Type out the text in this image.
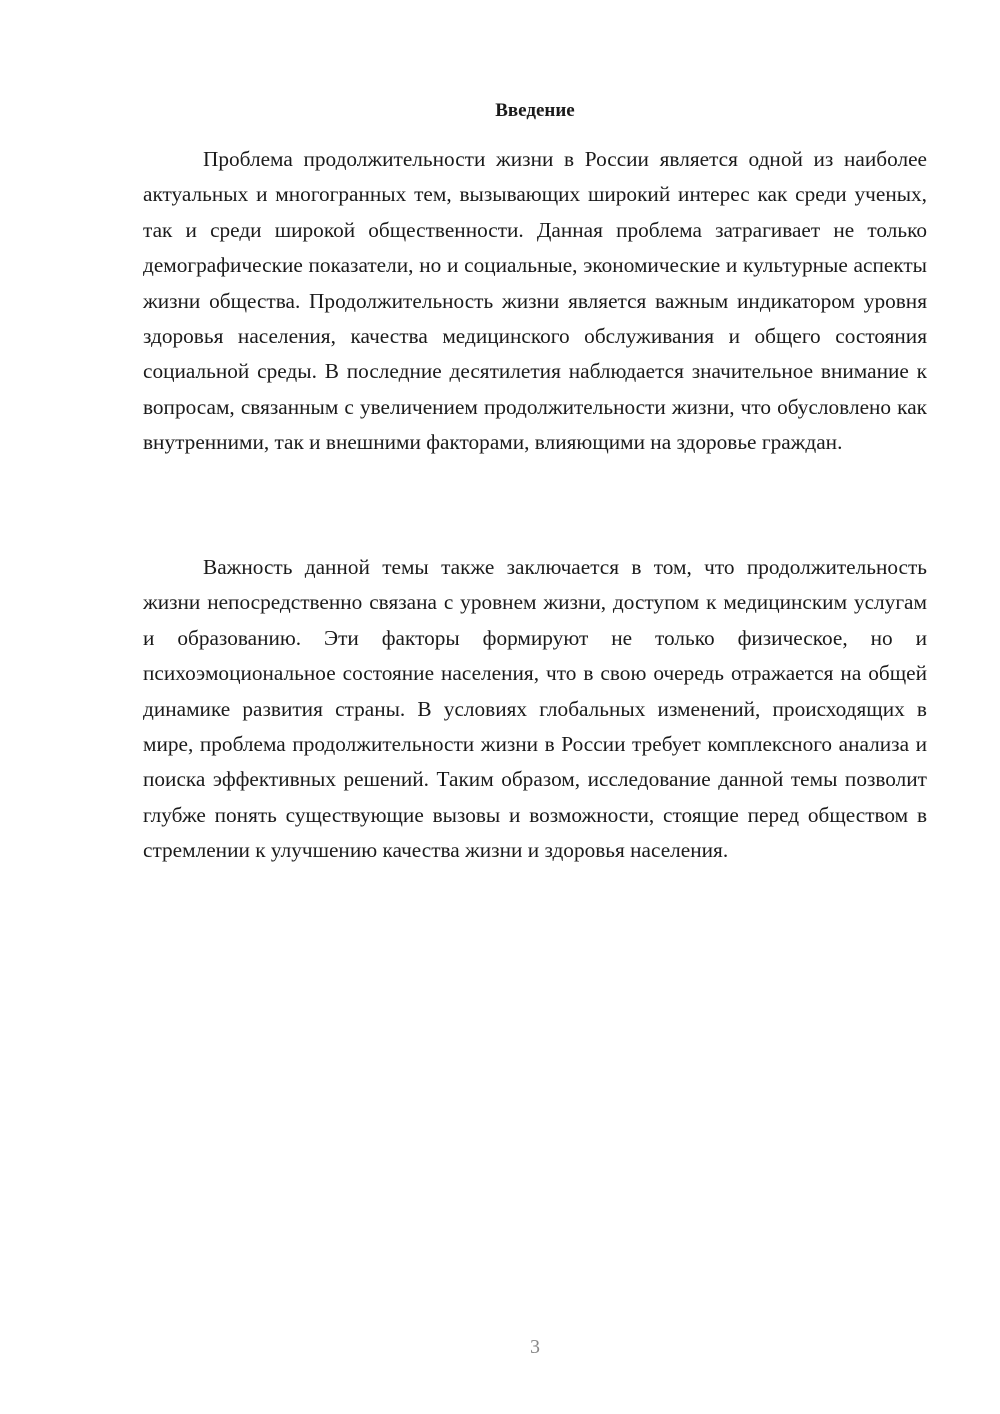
Введение

Проблема продолжительности жизни в России является одной из наиболее актуальных и многогранных тем, вызывающих широкий интерес как среди ученых, так и среди широкой общественности. Данная проблема затрагивает не только демографические показатели, но и социальные, экономические и культурные аспекты жизни общества. Продолжительность жизни является важным индикатором уровня здоровья населения, качества медицинского обслуживания и общего состояния социальной среды. В последние десятилетия наблюдается значительное внимание к вопросам, связанным с увеличением продолжительности жизни, что обусловлено как внутренними, так и внешними факторами, влияющими на здоровье граждан.

Важность данной темы также заключается в том, что продолжительность жизни непосредственно связана с уровнем жизни, доступом к медицинским услугам и образованию. Эти факторы формируют не только физическое, но и психоэмоциональное состояние населения, что в свою очередь отражается на общей динамике развития страны. В условиях глобальных изменений, происходящих в мире, проблема продолжительности жизни в России требует комплексного анализа и поиска эффективных решений. Таким образом, исследование данной темы позволит глубже понять существующие вызовы и возможности, стоящие перед обществом в стремлении к улучшению качества жизни и здоровья населения.

3
